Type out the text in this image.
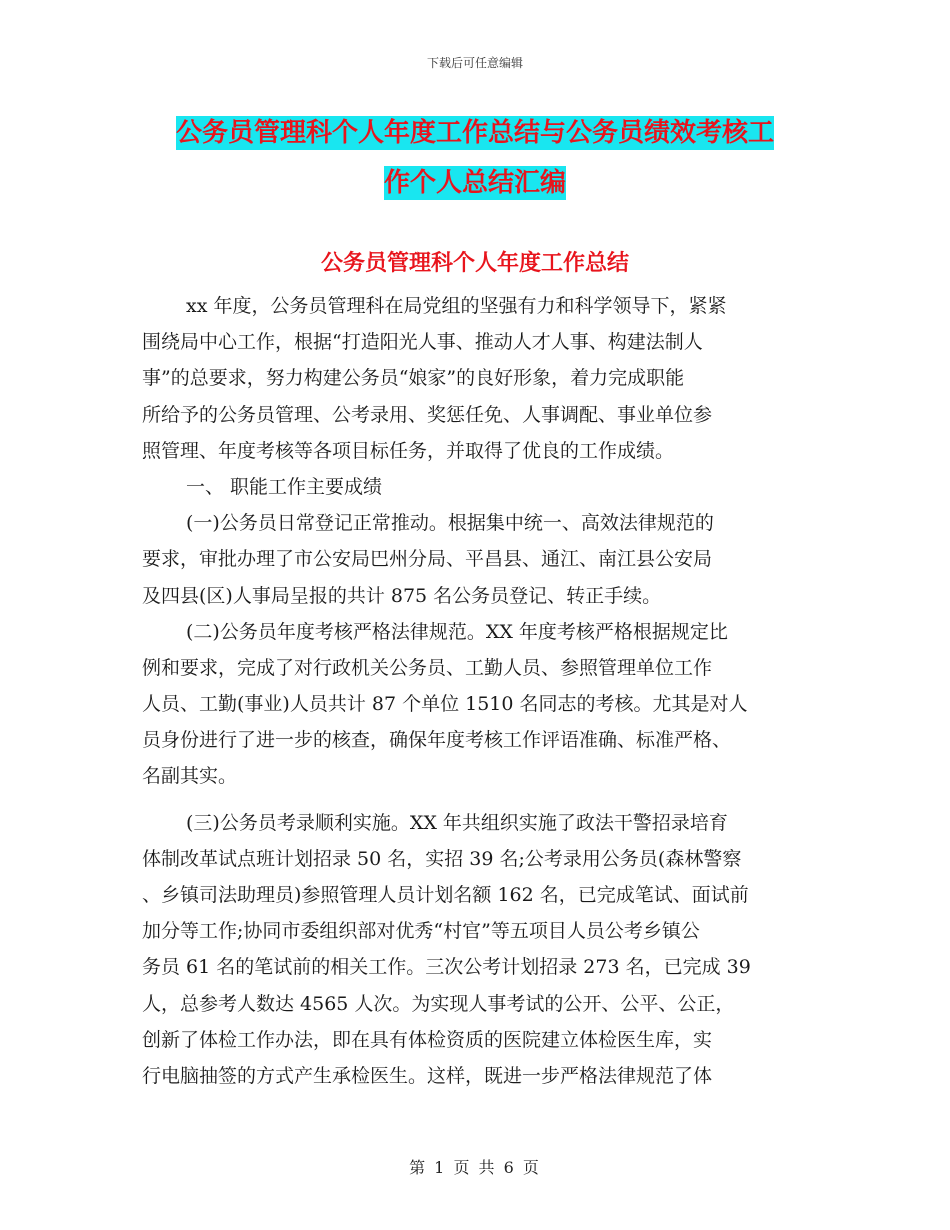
下载后可任意编辑
公务员管理科个人年度工作总结与公务员绩效考核工
作个人总结汇编
公务员管理科个人年度工作总结
xx 年度，公务员管理科在局党组的坚强有力和科学领导下，紧紧
围绕局中心工作，根据“打造阳光人事、推动人才人事、构建法制人
事”的总要求，努力构建公务员“娘家”的良好形象，着力完成职能
所给予的公务员管理、公考录用、奖惩任免、人事调配、事业单位参
照管理、年度考核等各项目标任务，并取得了优良的工作成绩。
一、 职能工作主要成绩
(一)公务员日常登记正常推动。根据集中统一、高效法律规范的
要求，审批办理了市公安局巴州分局、平昌县、通江、南江县公安局
及四县(区)人事局呈报的共计 875 名公务员登记、转正手续。
(二)公务员年度考核严格法律规范。XX 年度考核严格根据规定比
例和要求，完成了对行政机关公务员、工勤人员、参照管理单位工作
人员、工勤(事业)人员共计 87 个单位 1510 名同志的考核。尤其是对人
员身份进行了进一步的核查，确保年度考核工作评语准确、标准严格、
名副其实。
(三)公务员考录顺利实施。XX 年共组织实施了政法干警招录培育
体制改革试点班计划招录 50 名，实招 39 名;公考录用公务员(森林警察
、乡镇司法助理员)参照管理人员计划名额 162 名，已完成笔试、面试前
加分等工作;协同市委组织部对优秀“村官”等五项目人员公考乡镇公
务员 61 名的笔试前的相关工作。三次公考计划招录 273 名，已完成 39
人，总参考人数达 4565 人次。为实现人事考试的公开、公平、公正，
创新了体检工作办法，即在具有体检资质的医院建立体检医生库，实
行电脑抽签的方式产生承检医生。这样，既进一步严格法律规范了体
第 1 页 共 6 页
